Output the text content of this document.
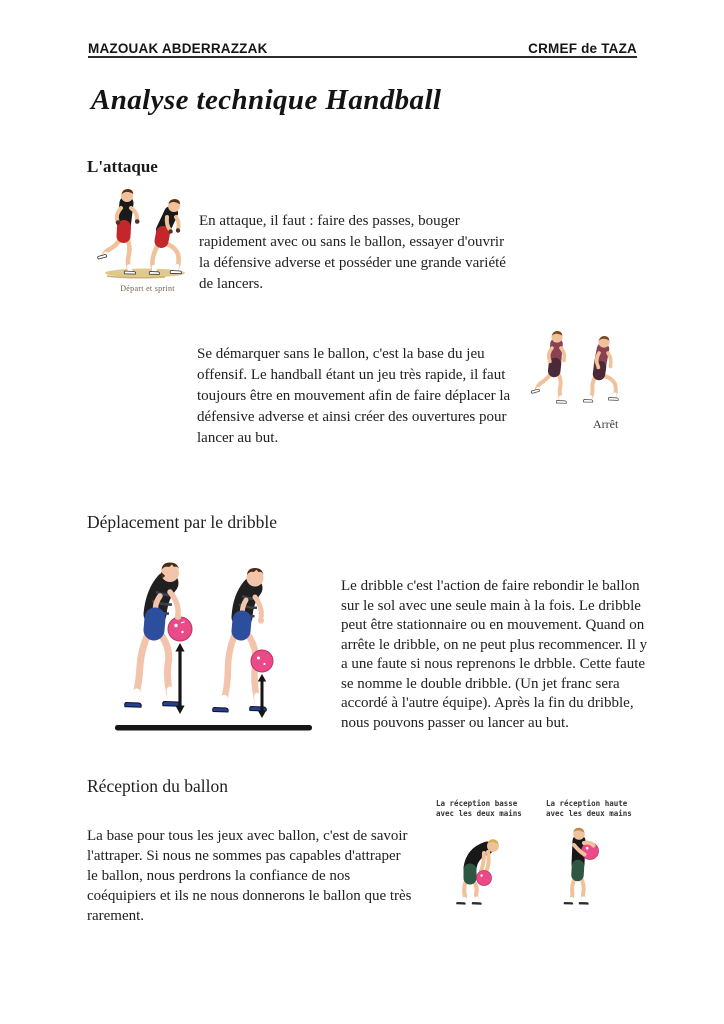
MAZOUAK ABDERRAZZAK	CRMEF de TAZA
Analyse technique Handball
L'attaque
Départ et sprint
En attaque, il faut : faire des passes, bouger rapidement avec ou sans le ballon, essayer d'ouvrir la défensive adverse et posséder une grande variété de lancers.
Se démarquer sans le ballon, c'est la base du jeu offensif. Le handball étant un jeu très rapide, il faut toujours être en mouvement afin de faire déplacer la défensive adverse et ainsi créer des ouvertures pour lancer au but.
Arrêt
Déplacement par le dribble
Le dribble c'est l'action de faire rebondir le ballon sur le sol avec une seule main à la fois. Le dribble peut être stationnaire ou en mouvement. Quand on arrête le dribble, on ne peut plus recommencer. Il y a une faute si nous reprenons le drbble. Cette faute se nomme le double dribble. (Un jet franc sera accordé à l'autre équipe). Après la fin du dribble, nous pouvons passer ou lancer au but.
Réception du ballon
La réception basse avec les deux mains
La réception haute avec les deux mains
La base pour tous les jeux avec ballon, c'est de savoir l'attraper. Si nous ne sommes pas capables d'attraper le ballon, nous perdrons la confiance de nos coéquipiers et ils ne nous donnerons le ballon que très rarement.
